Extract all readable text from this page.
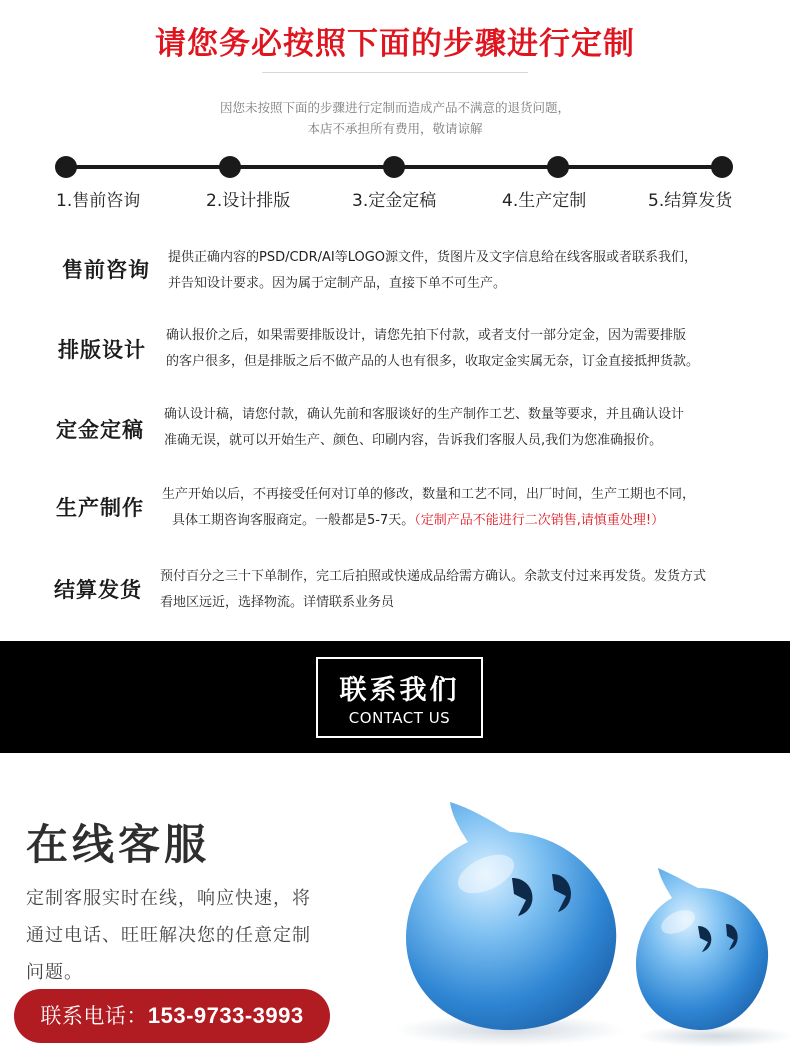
请您务必按照下面的步骤进行定制
因您未按照下面的步骤进行定制而造成产品不满意的退货问题，
本店不承担所有费用，敬请谅解
1.售前咨询	2.设计排版	3.定金定稿	4.生产定制	5.结算发货
售前咨询
提供正确内容的PSD/CDR/AI等LOGO源文件，货图片及文字信息给在线客服或者联系我们，
并告知设计要求。因为属于定制产品，直接下单不可生产。
排版设计
确认报价之后，如果需要排版设计，请您先拍下付款，或者支付一部分定金，因为需要排版
的客户很多，但是排版之后不做产品的人也有很多，收取定金实属无奈，订金直接抵押货款。
定金定稿
确认设计稿，请您付款，确认先前和客服谈好的生产制作工艺、数量等要求，并且确认设计
准确无误，就可以开始生产、颜色、印刷内容，告诉我们客服人员,我们为您准确报价。
生产制作
生产开始以后，不再接受任何对订单的修改，数量和工艺不同，出厂时间，生产工期也不同，
具体工期咨询客服商定。一般都是5-7天。（定制产品不能进行二次销售,请慎重处理!）
结算发货
预付百分之三十下单制作，完工后拍照或快递成品给需方确认。余款支付过来再发货。发货方式
看地区远近，选择物流。详情联系业务员
联系我们
CONTACT US
在线客服
定制客服实时在线，响应快速，将
通过电话、旺旺解决您的任意定制
问题。
联系电话：153-9733-3993
